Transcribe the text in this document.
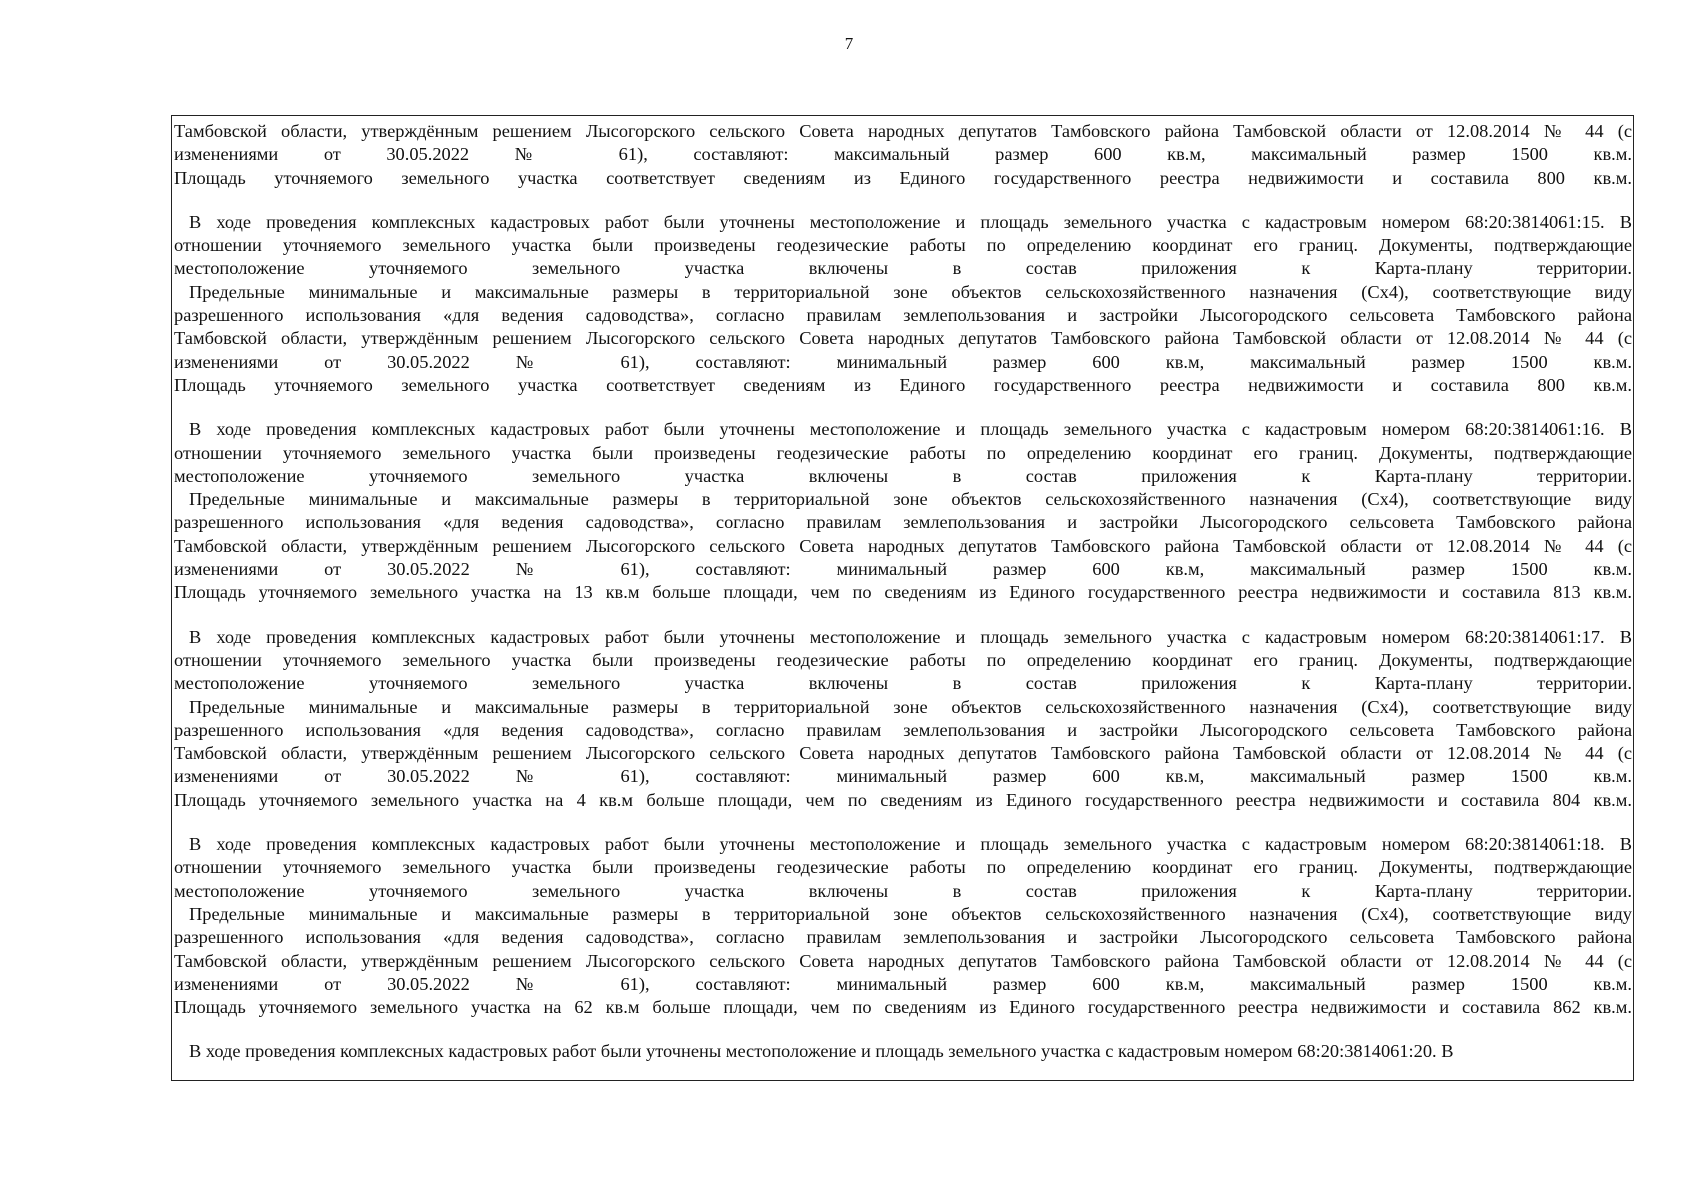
7
Тамбовской области, утверждённым решением Лысогорского сельского Совета народных депутатов Тамбовского района Тамбовской области от 12.08.2014 № 44 (с
изменениями от 30.05.2022 № 61), составляют: максимальный размер 600 кв.м, максимальный размер 1500 кв.м.
Площадь уточняемого земельного участка соответствует сведениям из Единого государственного реестра недвижимости и составила 800 кв.м.
В ходе проведения комплексных кадастровых работ были уточнены местоположение и площадь земельного участка с кадастровым номером 68:20:3814061:15. В
отношении уточняемого земельного участка были произведены геодезические работы по определению координат его границ. Документы, подтверждающие
местоположение уточняемого земельного участка включены в состав приложения к Карта-плану территории.
Предельные минимальные и максимальные размеры в территориальной зоне объектов сельскохозяйственного назначения (Сх4), соответствующие виду
разрешенного использования «для ведения садоводства», согласно правилам землепользования и застройки Лысогородского сельсовета Тамбовского района
Тамбовской области, утверждённым решением Лысогорского сельского Совета народных депутатов Тамбовского района Тамбовской области от 12.08.2014 № 44 (с
изменениями от 30.05.2022 № 61), составляют: минимальный размер 600 кв.м, максимальный размер 1500 кв.м.
Площадь уточняемого земельного участка соответствует сведениям из Единого государственного реестра недвижимости и составила 800 кв.м.
В ходе проведения комплексных кадастровых работ были уточнены местоположение и площадь земельного участка с кадастровым номером 68:20:3814061:16. В
отношении уточняемого земельного участка были произведены геодезические работы по определению координат его границ. Документы, подтверждающие
местоположение уточняемого земельного участка включены в состав приложения к Карта-плану территории.
Предельные минимальные и максимальные размеры в территориальной зоне объектов сельскохозяйственного назначения (Сх4), соответствующие виду
разрешенного использования «для ведения садоводства», согласно правилам землепользования и застройки Лысогородского сельсовета Тамбовского района
Тамбовской области, утверждённым решением Лысогорского сельского Совета народных депутатов Тамбовского района Тамбовской области от 12.08.2014 № 44 (с
изменениями от 30.05.2022 № 61), составляют: минимальный размер 600 кв.м, максимальный размер 1500 кв.м.
Площадь уточняемого земельного участка на 13 кв.м больше площади, чем по сведениям из Единого государственного реестра недвижимости и составила 813 кв.м.
В ходе проведения комплексных кадастровых работ были уточнены местоположение и площадь земельного участка с кадастровым номером 68:20:3814061:17. В
отношении уточняемого земельного участка были произведены геодезические работы по определению координат его границ. Документы, подтверждающие
местоположение уточняемого земельного участка включены в состав приложения к Карта-плану территории.
Предельные минимальные и максимальные размеры в территориальной зоне объектов сельскохозяйственного назначения (Сх4), соответствующие виду
разрешенного использования «для ведения садоводства», согласно правилам землепользования и застройки Лысогородского сельсовета Тамбовского района
Тамбовской области, утверждённым решением Лысогорского сельского Совета народных депутатов Тамбовского района Тамбовской области от 12.08.2014 № 44 (с
изменениями от 30.05.2022 № 61), составляют: минимальный размер 600 кв.м, максимальный размер 1500 кв.м.
Площадь уточняемого земельного участка на 4 кв.м больше площади, чем по сведениям из Единого государственного реестра недвижимости и составила 804 кв.м.
В ходе проведения комплексных кадастровых работ были уточнены местоположение и площадь земельного участка с кадастровым номером 68:20:3814061:18. В
отношении уточняемого земельного участка были произведены геодезические работы по определению координат его границ. Документы, подтверждающие
местоположение уточняемого земельного участка включены в состав приложения к Карта-плану территории.
Предельные минимальные и максимальные размеры в территориальной зоне объектов сельскохозяйственного назначения (Сх4), соответствующие виду
разрешенного использования «для ведения садоводства», согласно правилам землепользования и застройки Лысогородского сельсовета Тамбовского района
Тамбовской области, утверждённым решением Лысогорского сельского Совета народных депутатов Тамбовского района Тамбовской области от 12.08.2014 № 44 (с
изменениями от 30.05.2022 № 61), составляют: минимальный размер 600 кв.м, максимальный размер 1500 кв.м.
Площадь уточняемого земельного участка на 62 кв.м больше площади, чем по сведениям из Единого государственного реестра недвижимости и составила 862 кв.м.
В ходе проведения комплексных кадастровых работ были уточнены местоположение и площадь земельного участка с кадастровым номером 68:20:3814061:20. В
